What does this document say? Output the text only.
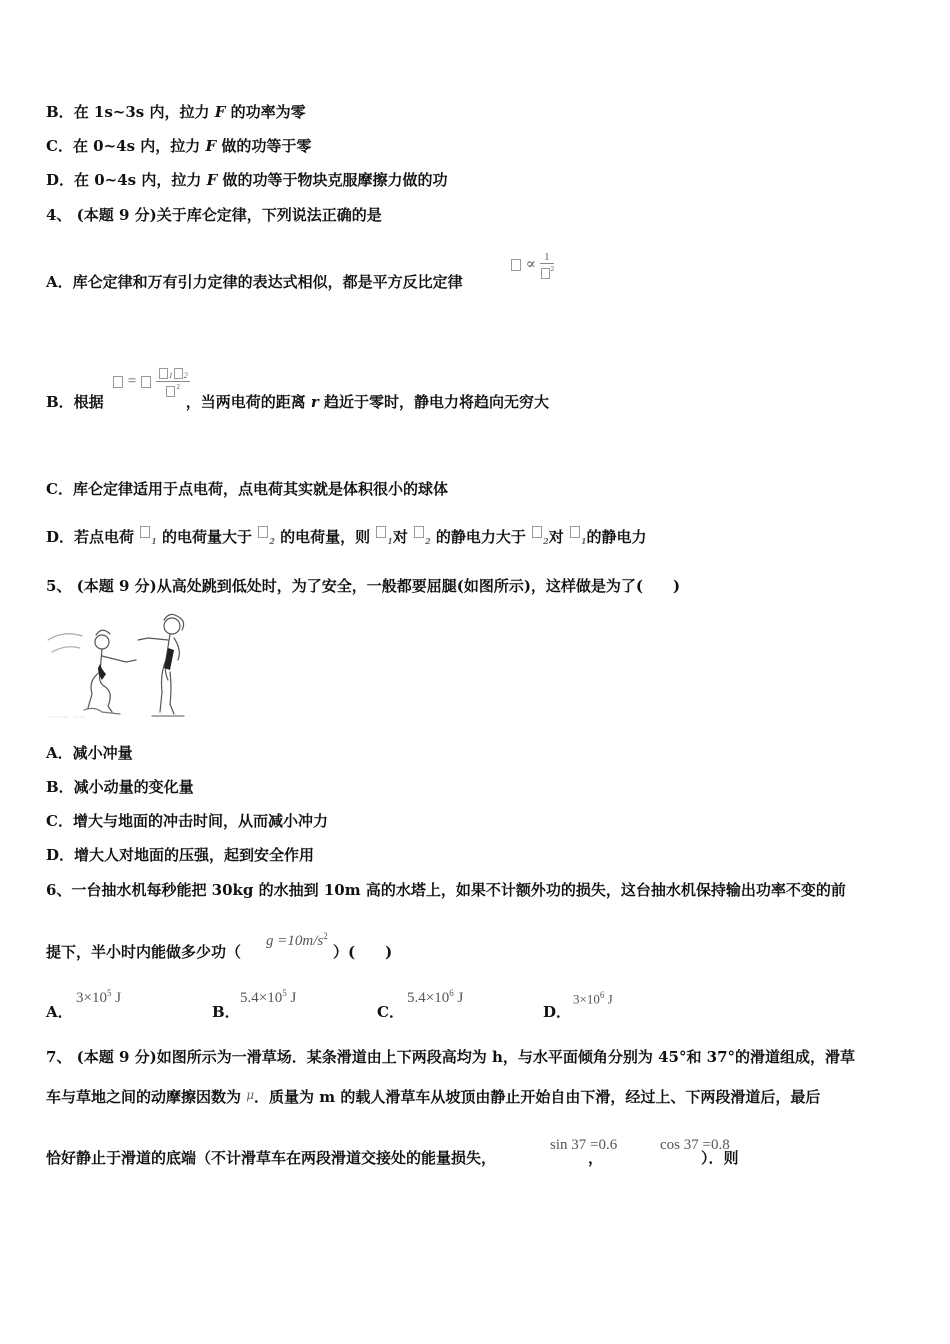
B．在 1s~3s 内，拉力 F 的功率为零
C．在 0~4s 内，拉力 F 做的功等于零
D．在 0~4s 内，拉力 F 做的功等于物块克服摩擦力做的功
4、 (本题 9 分)关于库仑定律，下列说法正确的是
∝ $\frac{1}{^2}$
A．库仑定律和万有引力定律的表达式相似，都是平方反比定律
= $\frac{_1 _2}{^2}$
B．根据	，当两电荷的距离 r 趋近于零时，静电力将趋向无穷大
C．库仑定律适用于点电荷，点电荷其实就是体积很小的球体
D．若点电荷 $_1$ 的电荷量大于 $_2$ 的电荷量，则 $_1$对 $_2$ 的静电力大于 $_2$对 $_1$的静电力
5、 (本题 9 分)从高处跳到低处时，为了安全，一般都要屈腿(如图所示)，这样做是为了(　　)
~~~ ~~
A．减小冲量
B．减小动量的变化量
C．增大与地面的冲击时间，从而减小冲力
D．增大人对地面的压强，起到安全作用
6、一台抽水机每秒能把 30kg 的水抽到 10m 高的水塔上，如果不计额外功的损失，这台抽水机保持输出功率不变的前
提下，半小时内能做多少功（	）(　　)
$g =10m/s^2$
A．
$3\times 10^5$ J
B．
$5.4\times 10^5$ J
C．
$5.4\times 10^6$ J
D．
$3\times 10^6$ J
7、 (本题 9 分)如图所示为一滑草场．某条滑道由上下两段高均为 h，与水平面倾角分别为 45°和 37°的滑道组成，滑草
车与草地之间的动摩擦因数为 $^\mu$．质量为 m 的载人滑草车从坡顶由静止开始自由下滑，经过上、下两段滑道后，最后
恰好静止于滑道的底端（不计滑草车在两段滑道交接处的能量损失，	，	）．则
sin 37 =0.6	cos 37 =0.8
